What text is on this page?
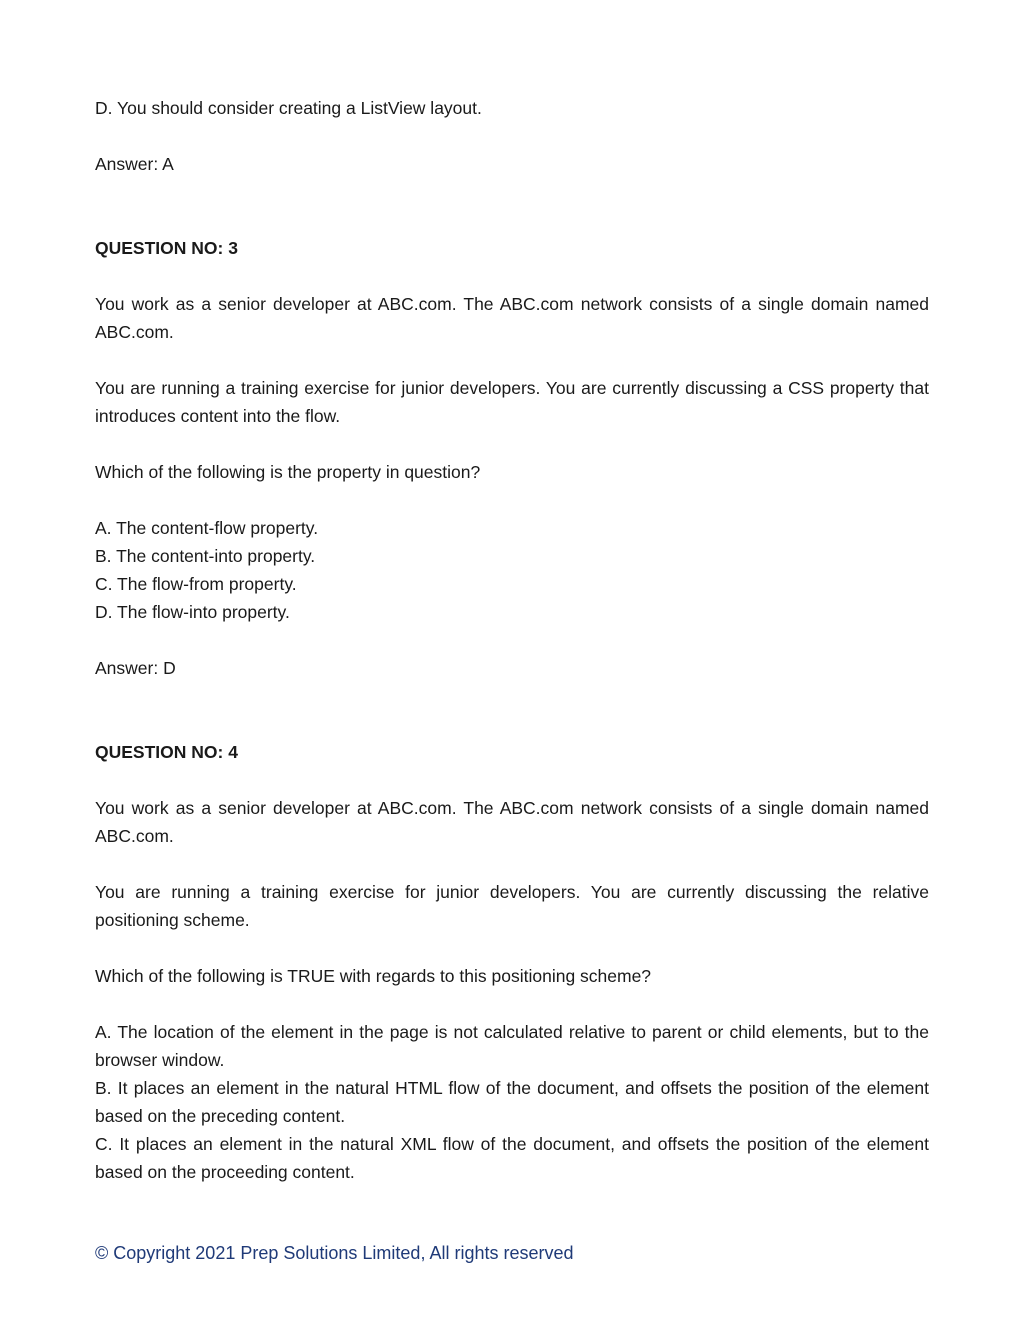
D. You should consider creating a ListView layout.

Answer: A

QUESTION NO: 3

You work as a senior developer at ABC.com. The ABC.com network consists of a single domain named ABC.com.

You are running a training exercise for junior developers. You are currently discussing a CSS property that introduces content into the flow.

Which of the following is the property in question?

A. The content-flow property.

B. The content-into property.

C. The flow-from property.

D. The flow-into property.

Answer: D

QUESTION NO: 4

You work as a senior developer at ABC.com. The ABC.com network consists of a single domain named ABC.com.

You are running a training exercise for junior developers. You are currently discussing the relative positioning scheme.

Which of the following is TRUE with regards to this positioning scheme?

A. The location of the element in the page is not calculated relative to parent or child elements, but to the browser window.

B. It places an element in the natural HTML flow of the document, and offsets the position of the element based on the preceding content.

C. It places an element in the natural XML flow of the document, and offsets the position of the element based on the proceeding content.

© Copyright 2021 Prep Solutions Limited, All rights reserved
